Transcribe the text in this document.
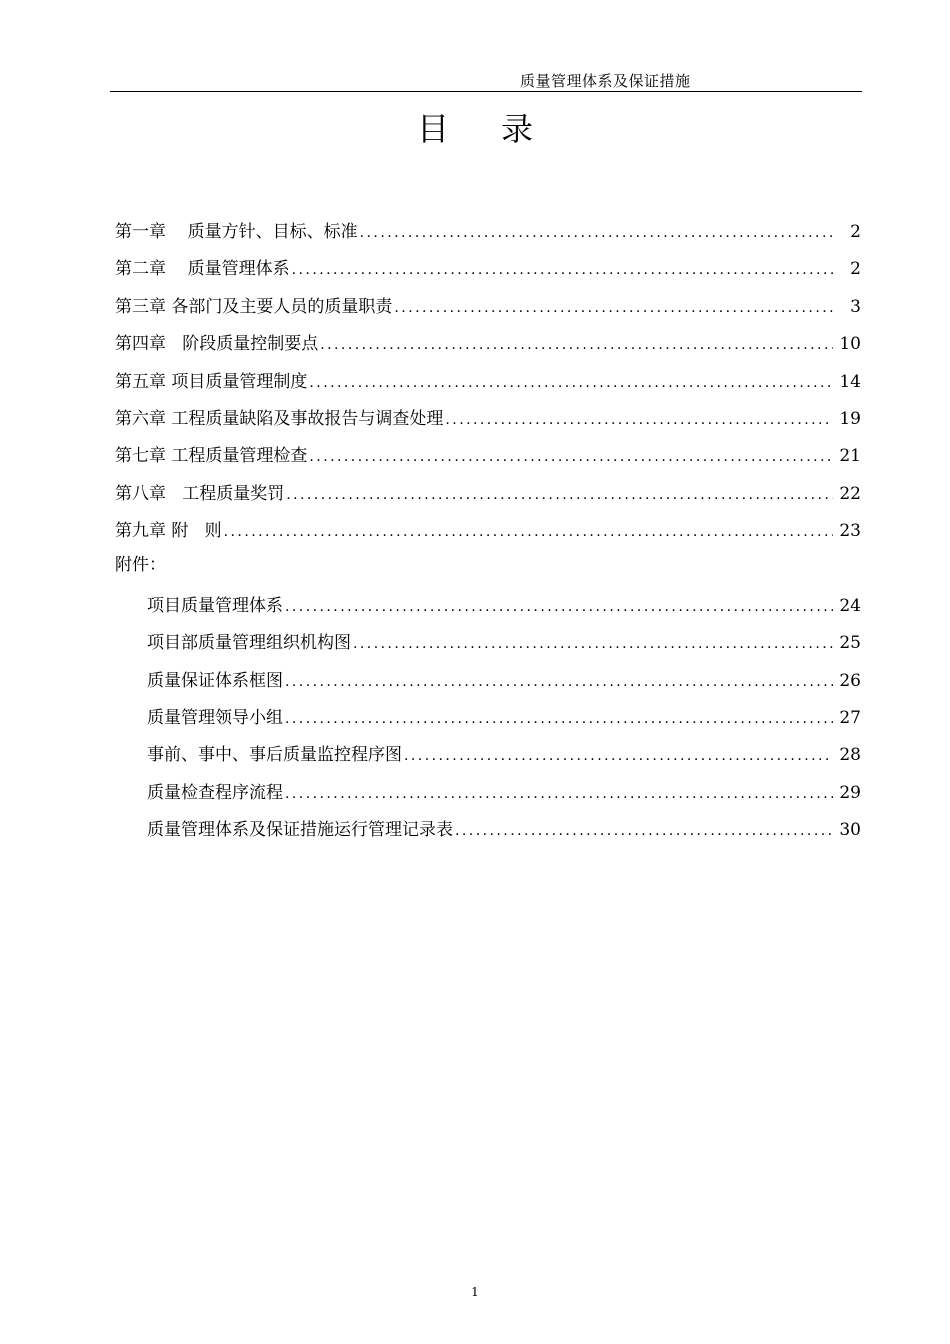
质量管理体系及保证措施
目录
第一章 质量方针、目标、标准 . . .	2
第二章 质量管理体系 . . .	2
第三章 各部门及主要人员的质量职责 . . .	3
第四章 阶段质量控制要点 . . .	10
第五章 项目质量管理制度 . . .	14
第六章 工程质量缺陷及事故报告与调查处理 . . .	19
第七章 工程质量管理检查 . . .	21
第八章 工程质量奖罚 . . .	22
第九章 附   则 . . .	23
附件：
项目质量管理体系 . . .	24
项目部质量管理组织机构图 . . .	25
质量保证体系框图 . . .	26
质量管理领导小组 . . .	27
事前、事中、事后质量监控程序图 . . .	28
质量检查程序流程 . . .	29
质量管理体系及保证措施运行管理记录表 . . .	30
1
